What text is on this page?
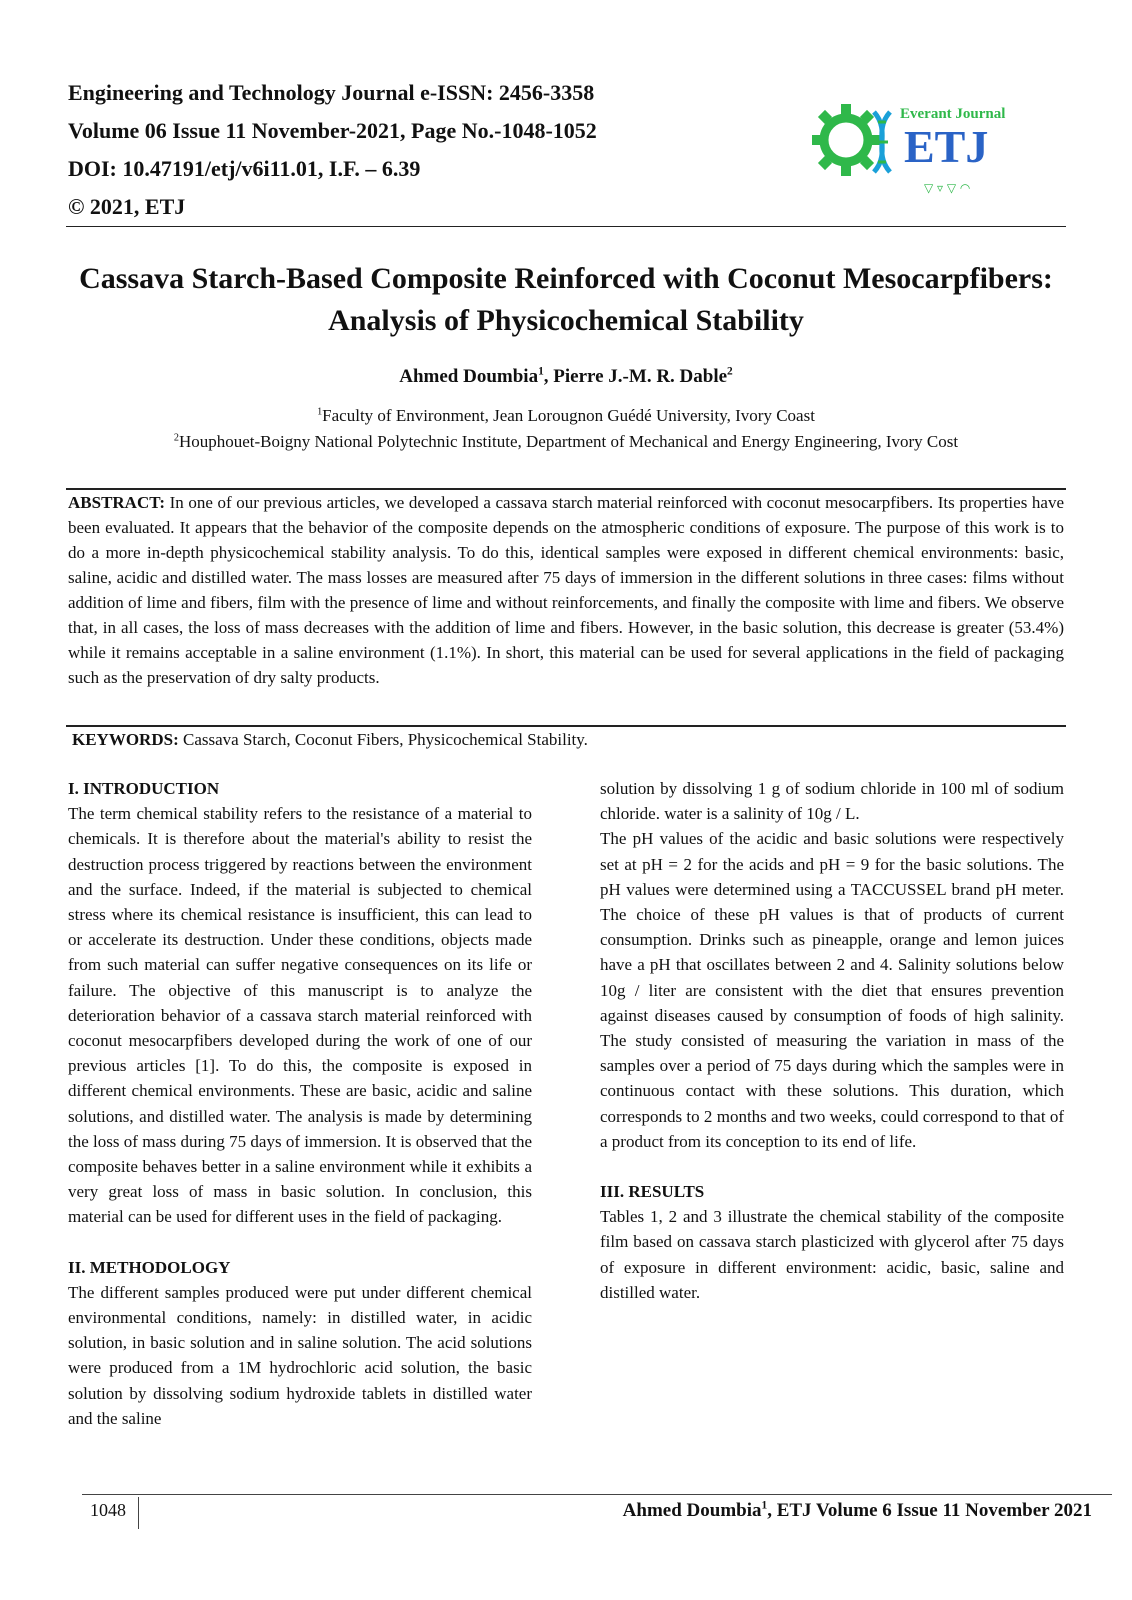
Engineering and Technology Journal e-ISSN: 2456-3358
Volume 06 Issue 11 November-2021, Page No.-1048-1052
DOI: 10.47191/etj/v6i11.01, I.F. – 6.39
© 2021, ETJ
Everant Journal
ETJ
▽ ▿ ▽ ◠
Cassava Starch-Based Composite Reinforced with Coconut Mesocarpfibers:
Analysis of Physicochemical Stability
Ahmed Doumbia$^1$, Pierre J.-M. R. Dable$^2$
$^1$Faculty of Environment, Jean Lorougnon Guédé University, Ivory Coast
$^2$Houphouet-Boigny National Polytechnic Institute, Department of Mechanical and Energy Engineering, Ivory Cost
ABSTRACT: In one of our previous articles, we developed a cassava starch material reinforced with coconut mesocarpfibers. Its properties have been evaluated. It appears that the behavior of the composite depends on the atmospheric conditions of exposure. The purpose of this work is to do a more in-depth physicochemical stability analysis. To do this, identical samples were exposed in different chemical environments: basic, saline, acidic and distilled water. The mass losses are measured after 75 days of immersion in the different solutions in three cases: films without addition of lime and fibers, film with the presence of lime and without reinforcements, and finally the composite with lime and fibers. We observe that, in all cases, the loss of mass decreases with the addition of lime and fibers. However, in the basic solution, this decrease is greater (53.4%) while it remains acceptable in a saline environment (1.1%). In short, this material can be used for several applications in the field of packaging such as the preservation of dry salty products.
KEYWORDS: Cassava Starch, Coconut Fibers, Physicochemical Stability.

I. INTRODUCTION

The term chemical stability refers to the resistance of a material to chemicals. It is therefore about the material's ability to resist the destruction process triggered by reactions between the environment and the surface. Indeed, if the material is subjected to chemical stress where its chemical resistance is insufficient, this can lead to or accelerate its destruction. Under these conditions, objects made from such material can suffer negative consequences on its life or failure. The objective of this manuscript is to analyze the deterioration behavior of a cassava starch material reinforced with coconut mesocarpfibers developed during the work of one of our previous articles [1]. To do this, the composite is exposed in different chemical environments. These are basic, acidic and saline solutions, and distilled water. The analysis is made by determining the loss of mass during 75 days of immersion. It is observed that the composite behaves better in a saline environment while it exhibits a very great loss of mass in basic solution. In conclusion, this material can be used for different uses in the field of packaging.

II. METHODOLOGY

The different samples produced were put under different chemical environmental conditions, namely: in distilled water, in acidic solution, in basic solution and in saline solution. The acid solutions were produced from a 1M hydrochloric acid solution, the basic solution by dissolving sodium hydroxide tablets in distilled water and the saline

solution by dissolving 1 g of sodium chloride in 100 ml of sodium chloride. water is a salinity of 10g / L.

The pH values of the acidic and basic solutions were respectively set at pH = 2 for the acids and pH = 9 for the basic solutions. The pH values were determined using a TACCUSSEL brand pH meter. The choice of these pH values is that of products of current consumption. Drinks such as pineapple, orange and lemon juices have a pH that oscillates between 2 and 4. Salinity solutions below 10g / liter are consistent with the diet that ensures prevention against diseases caused by consumption of foods of high salinity. The study consisted of measuring the variation in mass of the samples over a period of 75 days during which the samples were in continuous contact with these solutions. This duration, which corresponds to 2 months and two weeks, could correspond to that of a product from its conception to its end of life.

III. RESULTS

Tables 1, 2 and 3 illustrate the chemical stability of the composite film based on cassava starch plasticized with glycerol after 75 days of exposure in different environment: acidic, basic, saline and distilled water.

1048	Ahmed Doumbia$^1$, ETJ Volume 6 Issue 11 November 2021
